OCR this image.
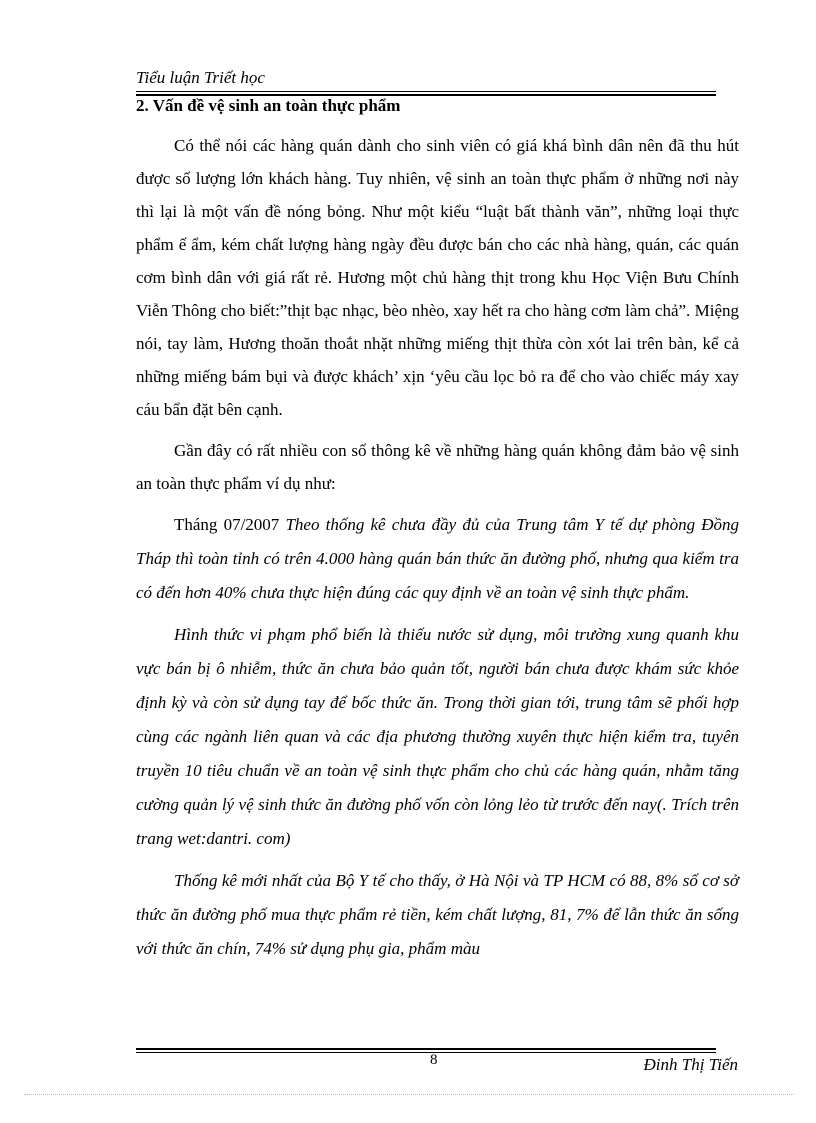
Tiểu luận Triết học
2. Vấn đề vệ sinh an toàn thực phẩm

Có thể nói các hàng quán dành cho sinh viên có giá khá bình dân nên đã thu hút được số lượng lớn khách hàng. Tuy nhiên, vệ sinh an toàn thực phẩm ở những nơi này thì lại là một vấn đề nóng bỏng. Như một kiểu “luật bất thành văn”, những loại thực phẩm ế ẩm, kém chất lượng hàng ngày đều được bán cho các nhà hàng, quán, các quán cơm bình dân với giá rất rẻ. Hương một chủ hàng thịt trong khu Học Viện Bưu Chính Viễn Thông cho biết:”thịt bạc nhạc, bèo nhèo, xay hết ra cho hàng cơm làm chả”. Miệng nói, tay làm, Hương thoăn thoắt nhặt những miếng thịt thừa còn xót lai trên bàn, kể cả những miếng bám bụi và được khách’ xịn ‘yêu cầu lọc bỏ ra để cho vào chiếc máy xay cáu bẩn đặt bên cạnh.

Gần đây có rất nhiều con số thông kê về những hàng quán không đảm bảo vệ sinh an toàn thực phẩm ví dụ như:

Tháng 07/2007 Theo thống kê chưa đầy đủ của Trung tâm Y tế dự phòng Đồng Tháp thì toàn tỉnh có trên 4.000 hàng quán bán thức ăn đường phố, nhưng qua kiểm tra có đến hơn 40% chưa thực hiện đúng các quy định về an toàn vệ sinh thực phẩm.

Hình thức vi phạm phổ biến là thiếu nước sử dụng, môi trường xung quanh khu vực bán bị ô nhiễm, thức ăn chưa bảo quản tốt, người bán chưa được khám sức khỏe định kỳ và còn sử dụng tay để bốc thức ăn. Trong thời gian tới, trung tâm sẽ phối hợp cùng các ngành liên quan và các địa phương thường xuyên thực hiện kiểm tra, tuyên truyền 10 tiêu chuẩn về an toàn vệ sinh thực phẩm cho chủ các hàng quán, nhằm tăng cường quản lý vệ sinh thức ăn đường phố vốn còn lỏng lẻo từ trước đến nay(. Trích trên trang wet:dantri. com)

Thống kê mới nhất của Bộ Y tế cho thấy, ở Hà Nội và TP HCM có 88, 8% số cơ sở thức ăn đường phố mua thực phẩm rẻ tiền, kém chất lượng, 81, 7% để lẫn thức ăn sống với thức ăn chín, 74% sử dụng phụ gia, phẩm màu

8	Đinh Thị Tiến
